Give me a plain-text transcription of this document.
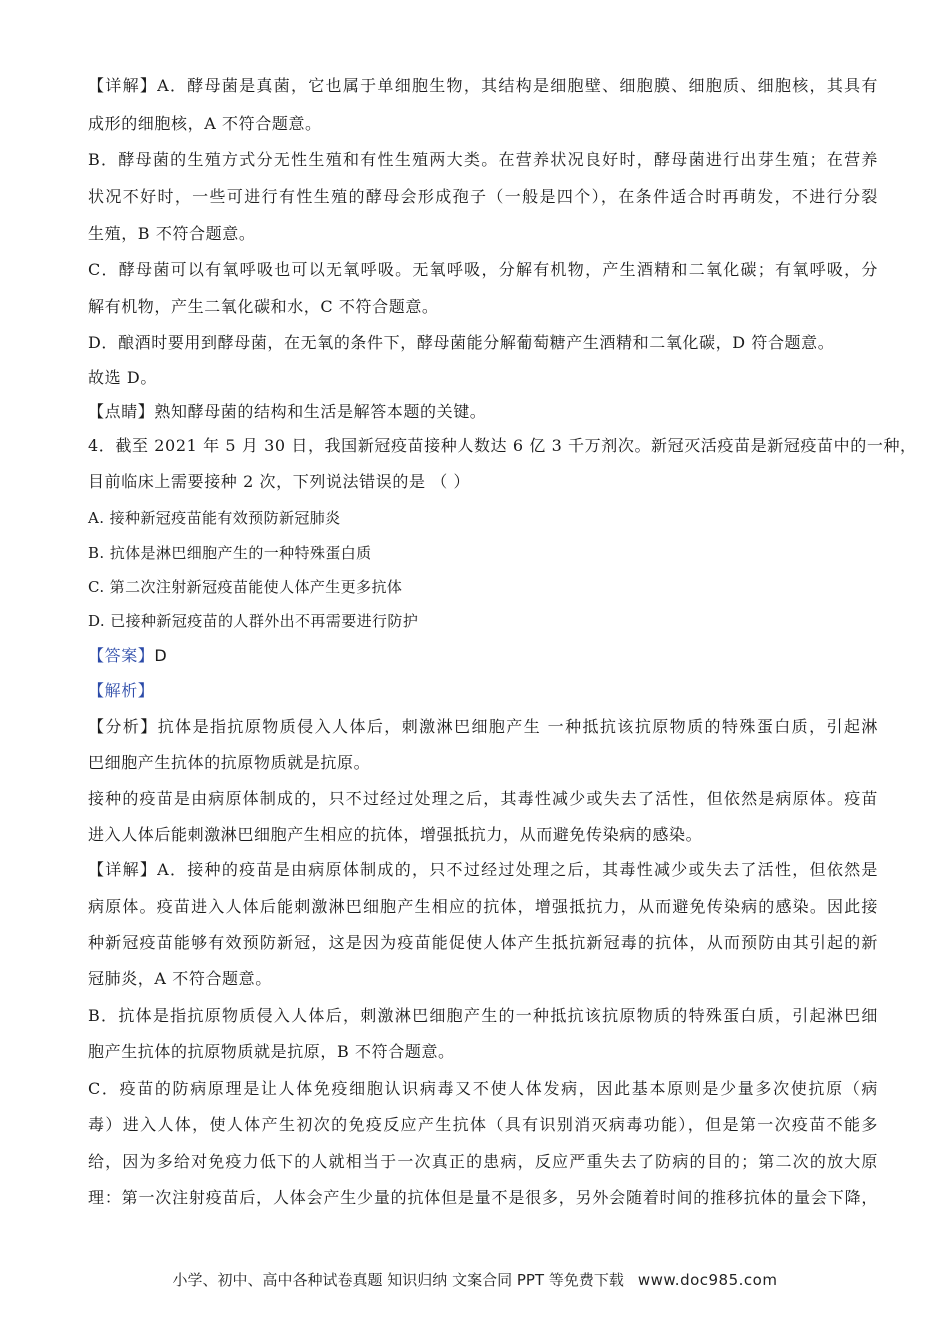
【详解】A．酵母菌是真菌，它也属于单细胞生物，其结构是细胞壁、细胞膜、细胞质、细胞核，其具有
成形的细胞核，A 不符合题意。
B．酵母菌的生殖方式分无性生殖和有性生殖两大类。在营养状况良好时，酵母菌进行出芽生殖；在营养
状况不好时，一些可进行有性生殖的酵母会形成孢子（一般是四个），在条件适合时再萌发，不进行分裂
生殖，B 不符合题意。
C．酵母菌可以有氧呼吸也可以无氧呼吸。无氧呼吸，分解有机物，产生酒精和二氧化碳；有氧呼吸，分
解有机物，产生二氧化碳和水，C 不符合题意。
D．酿酒时要用到酵母菌，在无氧的条件下，酵母菌能分解葡萄糖产生酒精和二氧化碳，D 符合题意。
故选 D。
【点睛】熟知酵母菌的结构和生活是解答本题的关键。
4．截至 2021 年 5 月 30 日，我国新冠疫苗接种人数达 6 亿 3 千万剂次。新冠灭活疫苗是新冠疫苗中的一种，
目前临床上需要接种 2 次，下列说法错误的是 （ ）
A. 接种新冠疫苗能有效预防新冠肺炎
B. 抗体是淋巴细胞产生的一种特殊蛋白质
C. 第二次注射新冠疫苗能使人体产生更多抗体
D. 已接种新冠疫苗的人群外出不再需要进行防护
【答案】D
【解析】
【分析】抗体是指抗原物质侵入人体后，刺激淋巴细胞产生 一种抵抗该抗原物质的特殊蛋白质，引起淋
巴细胞产生抗体的抗原物质就是抗原。
接种的疫苗是由病原体制成的，只不过经过处理之后，其毒性减少或失去了活性，但依然是病原体。疫苗
进入人体后能刺激淋巴细胞产生相应的抗体，增强抵抗力，从而避免传染病的感染。
【详解】A．接种的疫苗是由病原体制成的，只不过经过处理之后，其毒性减少或失去了活性，但依然是
病原体。疫苗进入人体后能刺激淋巴细胞产生相应的抗体，增强抵抗力，从而避免传染病的感染。因此接
种新冠疫苗能够有效预防新冠，这是因为疫苗能促使人体产生抵抗新冠毒的抗体，从而预防由其引起的新
冠肺炎，A 不符合题意。
B．抗体是指抗原物质侵入人体后，刺激淋巴细胞产生的一种抵抗该抗原物质的特殊蛋白质，引起淋巴细
胞产生抗体的抗原物质就是抗原，B 不符合题意。
C．疫苗的防病原理是让人体免疫细胞认识病毒又不使人体发病，因此基本原则是少量多次使抗原（病
毒）进入人体，使人体产生初次的免疫反应产生抗体（具有识别消灭病毒功能），但是第一次疫苗不能多
给，因为多给对免疫力低下的人就相当于一次真正的患病，反应严重失去了防病的目的；第二次的放大原
理：第一次注射疫苗后，人体会产生少量的抗体但是量不是很多，另外会随着时间的推移抗体的量会下降，
小学、初中、高中各种试卷真题 知识归纳 文案合同 PPT 等免费下载 www.doc985.com
